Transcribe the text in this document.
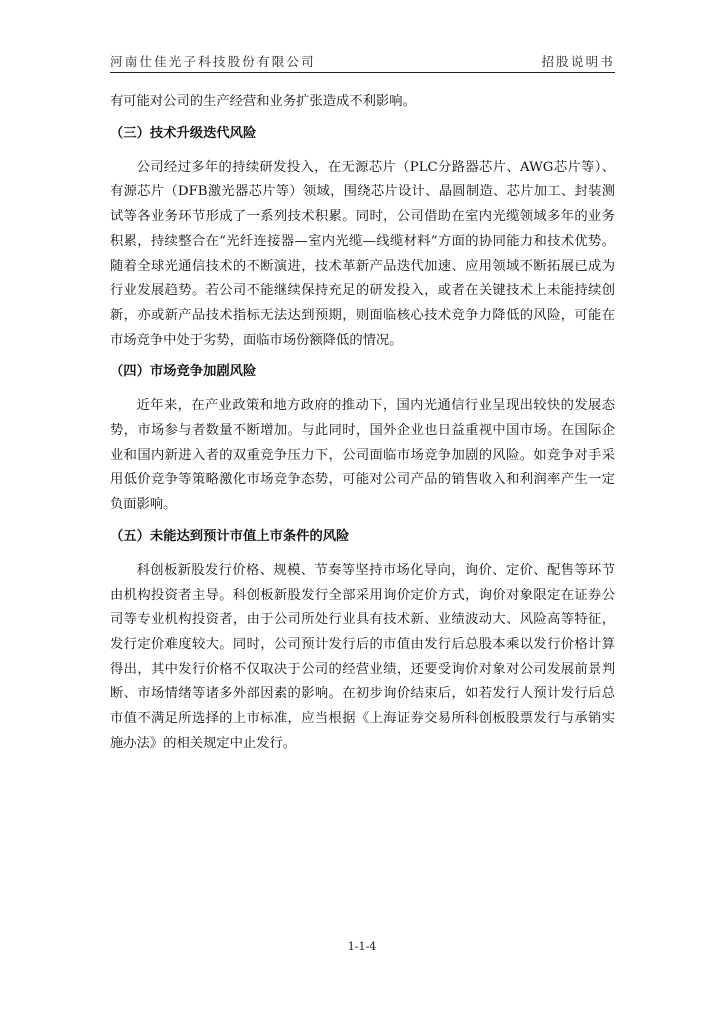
河南仕佳光子科技股份有限公司	招股说明书

有可能对公司的生产经营和业务扩张造成不利影响。

（三）技术升级迭代风险

公司经过多年的持续研发投入，在无源芯片（PLC分路器芯片、AWG芯片等）、有源芯片（DFB激光器芯片等）领域，围绕芯片设计、晶圆制造、芯片加工、封装测试等各业务环节形成了一系列技术积累。同时，公司借助在室内光缆领域多年的业务积累，持续整合在“光纤连接器—室内光缆—线缆材料”方面的协同能力和技术优势。随着全球光通信技术的不断演进，技术革新产品迭代加速、应用领域不断拓展已成为行业发展趋势。若公司不能继续保持充足的研发投入，或者在关键技术上未能持续创新，亦或新产品技术指标无法达到预期，则面临核心技术竞争力降低的风险，可能在市场竞争中处于劣势，面临市场份额降低的情况。

（四）市场竞争加剧风险

近年来，在产业政策和地方政府的推动下，国内光通信行业呈现出较快的发展态势，市场参与者数量不断增加。与此同时，国外企业也日益重视中国市场。在国际企业和国内新进入者的双重竞争压力下，公司面临市场竞争加剧的风险。如竞争对手采用低价竞争等策略激化市场竞争态势，可能对公司产品的销售收入和利润率产生一定负面影响。

（五）未能达到预计市值上市条件的风险

科创板新股发行价格、规模、节奏等坚持市场化导向，询价、定价、配售等环节由机构投资者主导。科创板新股发行全部采用询价定价方式，询价对象限定在证券公司等专业机构投资者，由于公司所处行业具有技术新、业绩波动大、风险高等特征，发行定价难度较大。同时，公司预计发行后的市值由发行后总股本乘以发行价格计算得出，其中发行价格不仅取决于公司的经营业绩，还要受询价对象对公司发展前景判断、市场情绪等诸多外部因素的影响。在初步询价结束后，如若发行人预计发行后总市值不满足所选择的上市标准，应当根据《上海证券交易所科创板股票发行与承销实施办法》的相关规定中止发行。

1-1-4
